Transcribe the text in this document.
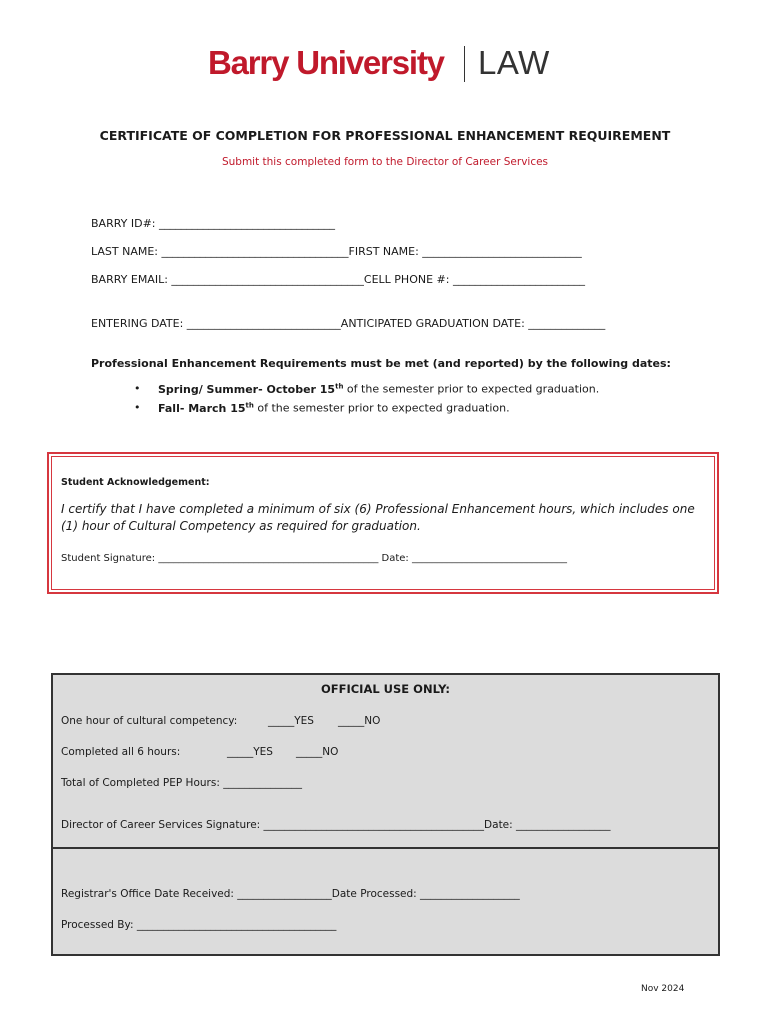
Barry University LAW
CERTIFICATE OF COMPLETION FOR PROFESSIONAL ENHANCEMENT REQUIREMENT
Submit this completed form to the Director of Career Services
BARRY ID#: ________________________________
LAST NAME: __________________________________FIRST NAME: _____________________________
BARRY EMAIL: ___________________________________CELL PHONE #: ________________________
ENTERING DATE: ____________________________ANTICIPATED GRADUATION DATE: ______________
Professional Enhancement Requirements must be met (and reported) by the following dates:
• Spring/ Summer- October 15th of the semester prior to expected graduation.
• Fall- March 15th of the semester prior to expected graduation.
Student Acknowledgement:
I certify that I have completed a minimum of six (6) Professional Enhancement hours, which includes one (1) hour of Cultural Competency as required for graduation.
Student Signature: ____________________________________________ Date: _______________________________
OFFICIAL USE ONLY:
One hour of cultural competency:	_____YES _____NO
Completed all 6 hours:	_____YES _____NO
Total of Completed PEP Hours: _______________
Director of Career Services Signature: __________________________________________Date: __________________
Registrar's Office Date Received: __________________Date Processed: ___________________
Processed By: ______________________________________
Nov 2024
